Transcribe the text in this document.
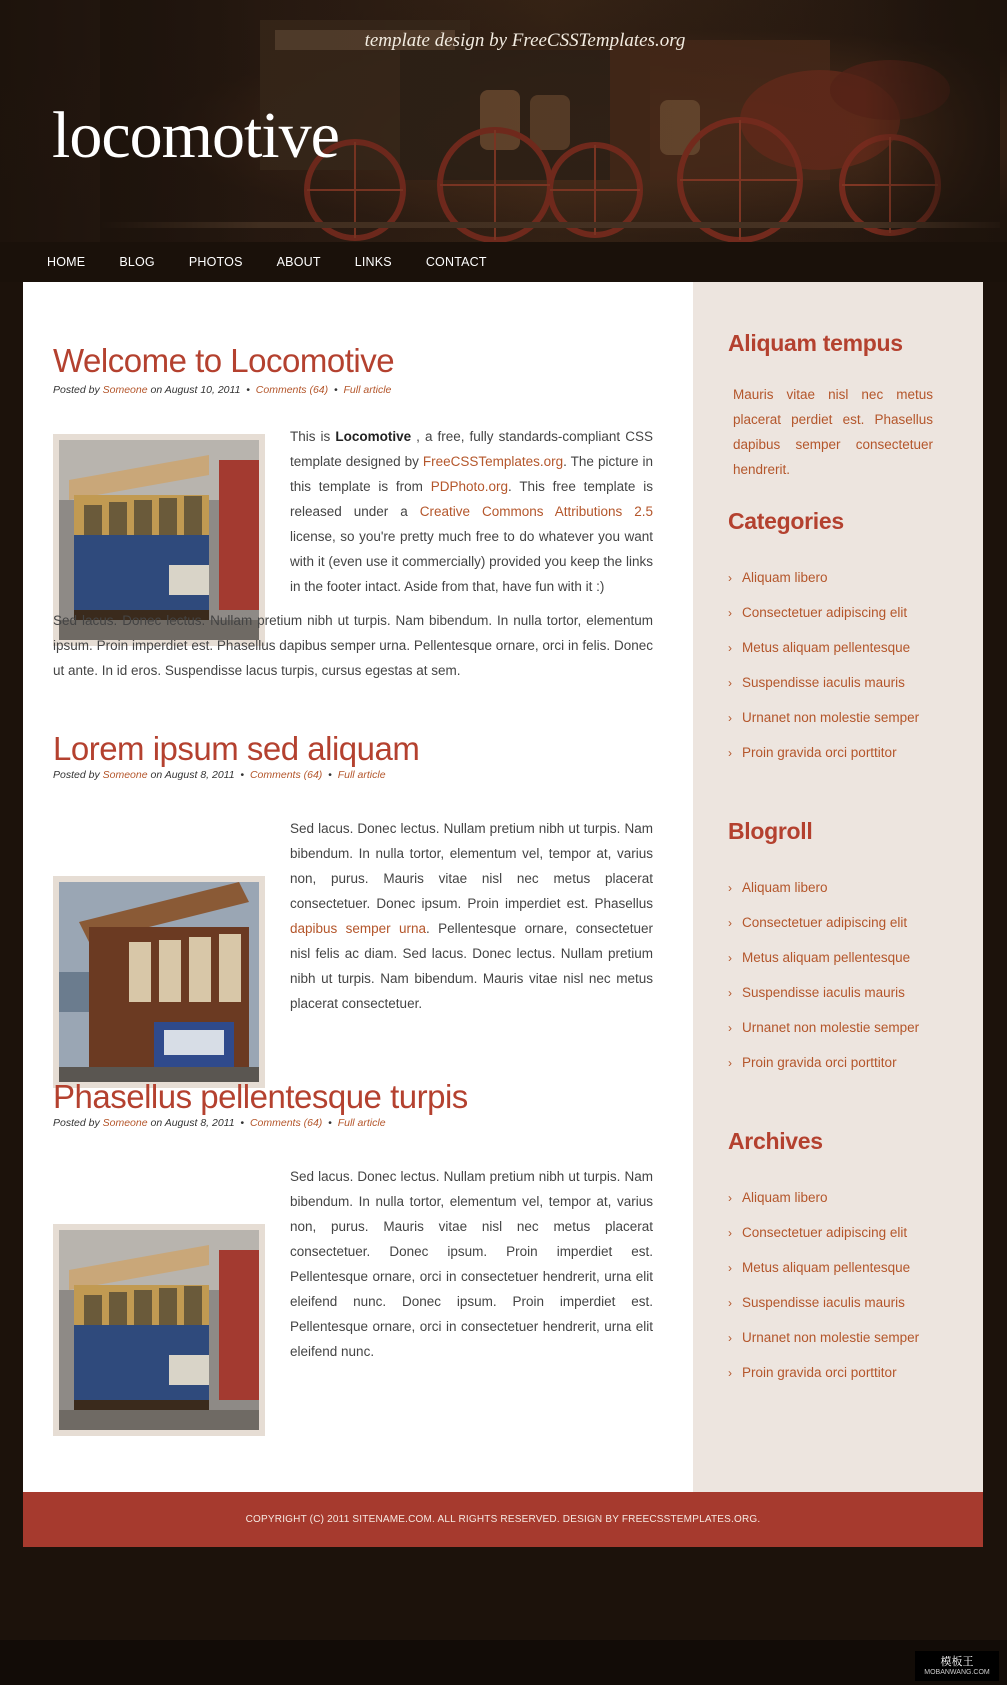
template design by FreeCSSTemplates.org
locomotive
HOME	BLOG	PHOTOS	ABOUT	LINKS	CONTACT
Welcome to Locomotive
Posted by Someone on August 10, 2011 • Comments (64) • Full article
This is Locomotive , a free, fully standards-compliant CSS template designed by FreeCSSTemplates.org. The picture in this template is from PDPhoto.org. This free template is released under a Creative Commons Attributions 2.5 license, so you're pretty much free to do whatever you want with it (even use it commercially) provided you keep the links in the footer intact. Aside from that, have fun with it :)
Sed lacus. Donec lectus. Nullam pretium nibh ut turpis. Nam bibendum. In nulla tortor, elementum ipsum. Proin imperdiet est. Phasellus dapibus semper urna. Pellentesque ornare, orci in felis. Donec ut ante. In id eros. Suspendisse lacus turpis, cursus egestas at sem.
Lorem ipsum sed aliquam
Posted by Someone on August 8, 2011 • Comments (64) • Full article
Sed lacus. Donec lectus. Nullam pretium nibh ut turpis. Nam bibendum. In nulla tortor, elementum vel, tempor at, varius non, purus. Mauris vitae nisl nec metus placerat consectetuer. Donec ipsum. Proin imperdiet est. Phasellus dapibus semper urna. Pellentesque ornare, consectetuer nisl felis ac diam. Sed lacus. Donec lectus. Nullam pretium nibh ut turpis. Nam bibendum. Mauris vitae nisl nec metus placerat consectetuer.
Phasellus pellentesque turpis
Posted by Someone on August 8, 2011 • Comments (64) • Full article
Sed lacus. Donec lectus. Nullam pretium nibh ut turpis. Nam bibendum. In nulla tortor, elementum vel, tempor at, varius non, purus. Mauris vitae nisl nec metus placerat consectetuer. Donec ipsum. Proin imperdiet est. Pellentesque ornare, orci in consectetuer hendrerit, urna elit eleifend nunc. Donec ipsum. Proin imperdiet est. Pellentesque ornare, orci in consectetuer hendrerit, urna elit eleifend nunc.
Aliquam tempus
Mauris vitae nisl nec metus placerat perdiet est. Phasellus dapibus semper consectetuer hendrerit.
Categories
› Aliquam libero
› Consectetuer adipiscing elit
› Metus aliquam pellentesque
› Suspendisse iaculis mauris
› Urnanet non molestie semper
› Proin gravida orci porttitor
Blogroll
› Aliquam libero
› Consectetuer adipiscing elit
› Metus aliquam pellentesque
› Suspendisse iaculis mauris
› Urnanet non molestie semper
› Proin gravida orci porttitor
Archives
› Aliquam libero
› Consectetuer adipiscing elit
› Metus aliquam pellentesque
› Suspendisse iaculis mauris
› Urnanet non molestie semper
› Proin gravida orci porttitor
COPYRIGHT (C) 2011 SITENAME.COM. ALL RIGHTS RESERVED. DESIGN BY FREECSSTEMPLATES.ORG.
模板王
MOBANWANG.COM
